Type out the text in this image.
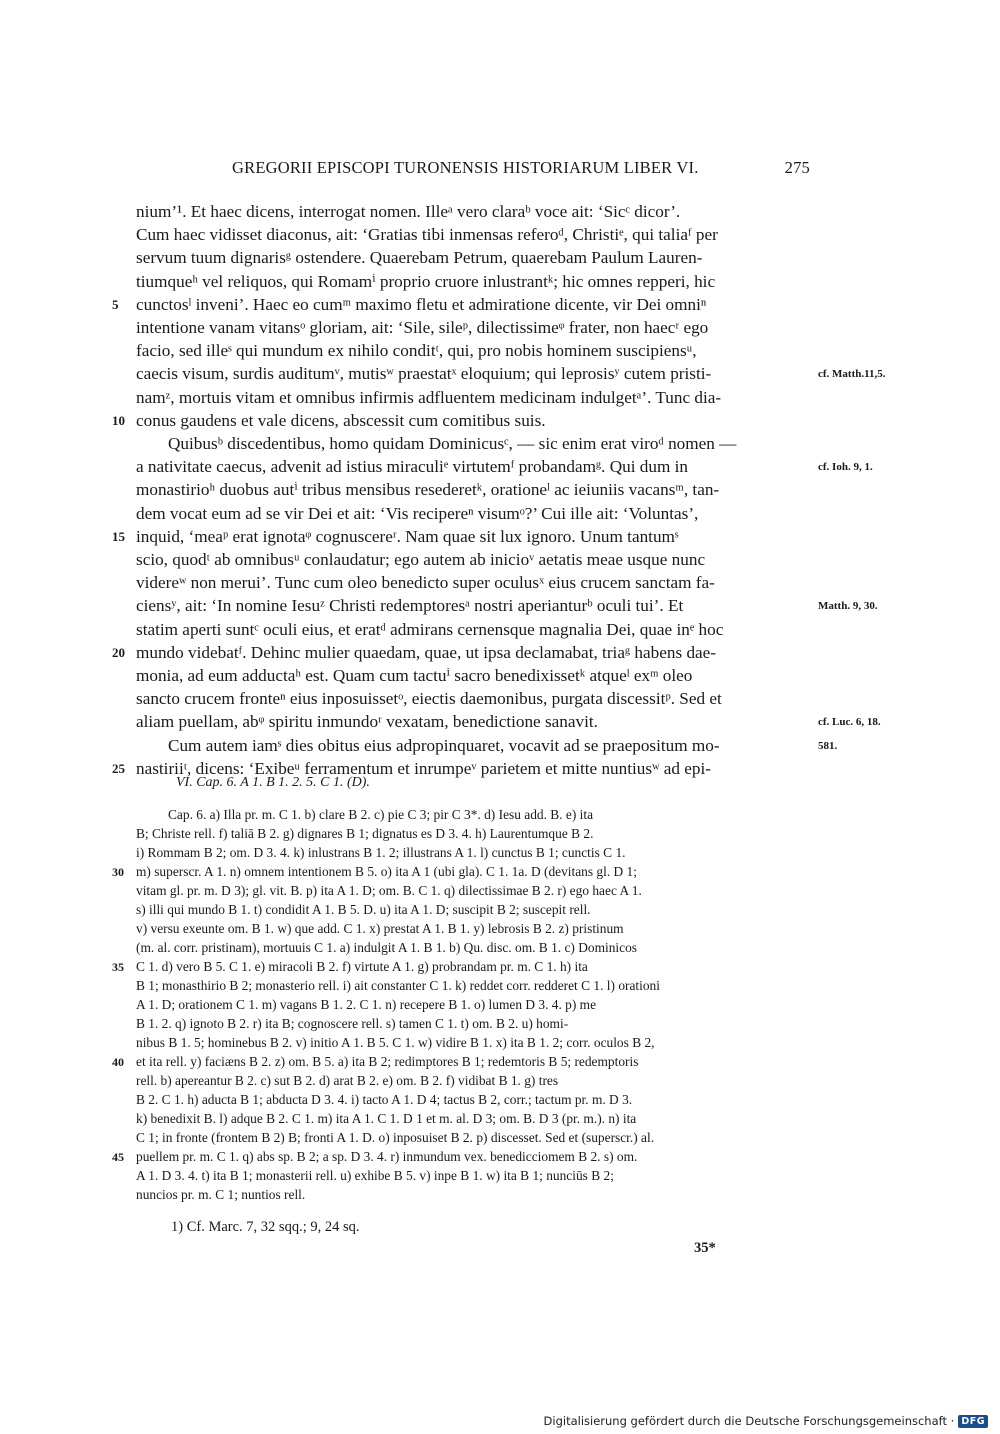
GREGORII EPISCOPI TURONENSIS HISTORIARUM LIBER VI.	275
nium’¹. Et haec dicens, interrogat nomen. Illeᵃ vero claraᵇ voce ait: ‘Sicᶜ dicor’.
Cum haec vidisset diaconus, ait: ‘Gratias tibi inmensas referoᵈ, Christiᵉ, qui taliaᶠ per
servum tuum dignarisᵍ ostendere. Quaerebam Petrum, quaerebam Paulum Lauren-
tiumqueʰ vel reliquos, qui Romamⁱ proprio cruore inlustrantᵏ; hic omnes repperi, hic
5	cunctosˡ inveni’. Haec eo cumᵐ maximo fletu et admiratione dicente, vir Dei omniⁿ
intentione vanam vitansᵒ gloriam, ait: ‘Sile, sileᵖ, dilectissimeᵠ frater, non haecʳ ego
facio, sed illeˢ qui mundum ex nihilo conditᵗ, qui, pro nobis hominem suscipiensᵘ,
caecis visum, surdis auditumᵛ, mutisʷ praestatˣ eloquium; qui leprosisʸ cutem pristi-	cf. Matth.11,5.
namᶻ, mortuis vitam et omnibus infirmis adfluentem medicinam indulgetᵃ’. Tunc dia-
10 conus gaudens et vale dicens, abscessit cum comitibus suis.
Quibusᵇ discedentibus, homo quidam Dominicusᶜ, — sic enim erat viroᵈ nomen —
a nativitate caecus, advenit ad istius miraculiᵉ virtutemᶠ probandamᵍ. Qui dum in	cf. Ioh. 9, 1.
monastirioʰ duobus autⁱ tribus mensibus resederetᵏ, orationeˡ ac ieiuniis vacansᵐ, tan-
dem vocat eum ad se vir Dei et ait: ‘Vis recipereⁿ visumᵒ?’ Cui ille ait: ‘Voluntas’,
15 inquid, ‘meaᵖ erat ignotaᵠ cognuscereʳ. Nam quae sit lux ignoro. Unum tantumˢ
scio, quodᵗ ab omnibusᵘ conlaudatur; ego autem ab inicioᵛ aetatis meae usque nunc
videreʷ non merui’. Tunc cum oleo benedicto super oculusˣ eius crucem sanctam fa-
ciensʸ, ait: ‘In nomine Iesuᶻ Christi redemptoresᵃ nostri aperianturᵇ oculi tui’. Et	Matth. 9, 30.
statim aperti suntᶜ oculi eius, et eratᵈ admirans cernensque magnalia Dei, quae inᵉ hoc
20 mundo videbatᶠ. Dehinc mulier quaedam, quae, ut ipsa declamabat, triaᵍ habens dae-
monia, ad eum adductaʰ est. Quam cum tactuⁱ sacro benedixissetᵏ atqueˡ exᵐ oleo
sancto crucem fronteⁿ eius inposuissetᵒ, eiectis daemonibus, purgata discessitᵖ. Sed et
aliam puellam, abᵠ spiritu inmundoʳ vexatam, benedictione sanavit.	cf. Luc. 6, 18.
Cum autem iamˢ dies obitus eius adpropinquaret, vocavit ad se praepositum mo-	581.
25 nastiriiᵗ, dicens: ‘Exibeᵘ ferramentum et inrumpeᵛ parietem et mitte nuntiusʷ ad epi-
VI. Cap. 6. A 1. B 1. 2. 5. C 1. (D).
Cap. 6. a) Illa pr. m. C 1. b) clare B 2. c) pie C 3; pir C 3*. d) Iesu add. B. e) ita
B; Christe rell. f) taliā B 2. g) dignares B 1; dignatus es D 3. 4. h) Laurentumque B 2.
i) Rommam B 2; om. D 3. 4. k) inlustrans B 1. 2; illustrans A 1. l) cunctus B 1; cunctis C 1.
30 m) superscr. A 1. n) omnem intentionem B 5. o) ita A 1 (ubi gla). C 1. 1a. D (devitans gl. D 1;
vitam gl. pr. m. D 3); gl. vit. B. p) ita A 1. D; om. B. C 1. q) dilectissimae B 2. r) ego haec A 1.
s) illi qui mundo B 1. t) condidit A 1. B 5. D. u) ita A 1. D; suscipit B 2; suscepit rell.
v) versu exeunte om. B 1. w) que add. C 1. x) prestat A 1. B 1. y) lebrosis B 2. z) pristinum
(m. al. corr. pristinam), mortuuis C 1. a) indulgit A 1. B 1. b) Qu. disc. om. B 1. c) Dominicos
35 C 1. d) vero B 5. C 1. e) miracoli B 2. f) virtute A 1. g) probrandam pr. m. C 1. h) ita
B 1; monasthirio B 2; monasterio rell. i) ait constanter C 1. k) reddet corr. redderet C 1. l) orationi
A 1. D; orationem C 1. m) vagans B 1. 2. C 1. n) recepere B 1. o) lumen D 3. 4. p) me
B 1. 2. q) ignoto B 2. r) ita B; cognoscere rell. s) tamen C 1. t) om. B 2. u) homi-
nibus B 1. 5; hominebus B 2. v) initio A 1. B 5. C 1. w) vidire B 1. x) ita B 1. 2; corr. oculos B 2,
40 et ita rell. y) faciæns B 2. z) om. B 5. a) ita B 2; redimptores B 1; redemtoris B 5; redemptoris
rell. b) apereantur B 2. c) sut B 2. d) arat B 2. e) om. B 2. f) vidibat B 1. g) tres
B 2. C 1. h) aducta B 1; abducta D 3. 4. i) tacto A 1. D 4; tactus B 2, corr.; tactum pr. m. D 3.
k) benedixit B. l) adque B 2. C 1. m) ita A 1. C 1. D 1 et m. al. D 3; om. B. D 3 (pr. m.). n) ita
C 1; in fronte (frontem B 2) B; fronti A 1. D. o) inposuiset B 2. p) discesset. Sed et (superscr.) al.
45 puellem pr. m. C 1. q) abs sp. B 2; a sp. D 3. 4. r) inmundum vex. benedicciomem B 2. s) om.
A 1. D 3. 4. t) ita B 1; monasterii rell. u) exhibe B 5. v) inpe B 1. w) ita B 1; nunciūs B 2;
nuncios pr. m. C 1; nuntios rell.
1) Cf. Marc. 7, 32 sqq.; 9, 24 sq.
35*
Digitalisierung gefördert durch die Deutsche Forschungsgemeinschaft · DFG
